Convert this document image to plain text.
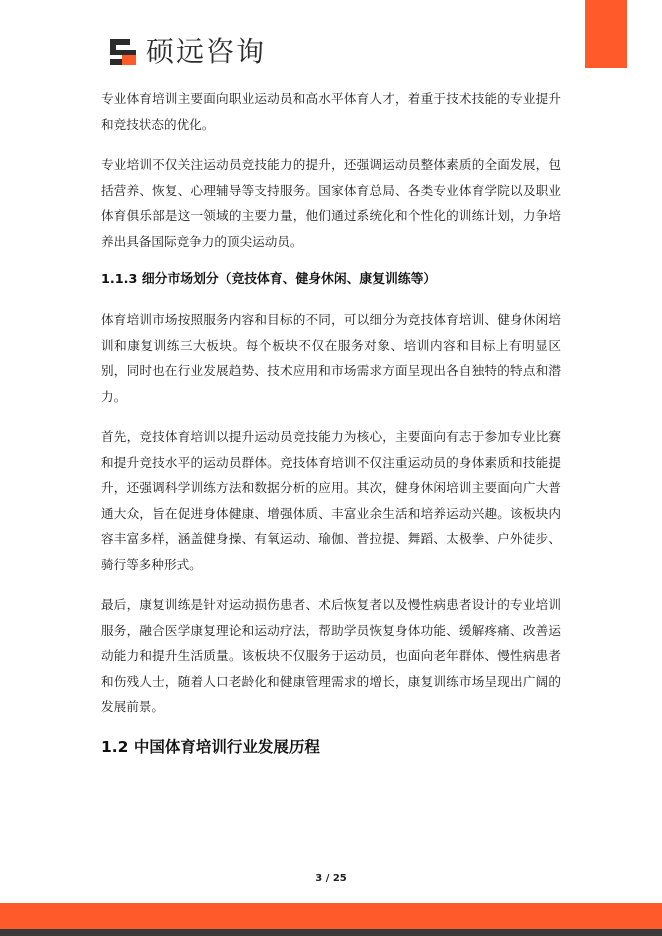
硕远咨询

专业体育培训主要面向职业运动员和高水平体育人才，着重于技术技能的专业提升和竞技状态的优化。

专业培训不仅关注运动员竞技能力的提升，还强调运动员整体素质的全面发展，包括营养、恢复、心理辅导等支持服务。国家体育总局、各类专业体育学院以及职业体育俱乐部是这一领域的主要力量，他们通过系统化和个性化的训练计划，力争培养出具备国际竞争力的顶尖运动员。

1.1.3 细分市场划分（竞技体育、健身休闲、康复训练等）

体育培训市场按照服务内容和目标的不同，可以细分为竞技体育培训、健身休闲培训和康复训练三大板块。每个板块不仅在服务对象、培训内容和目标上有明显区别，同时也在行业发展趋势、技术应用和市场需求方面呈现出各自独特的特点和潜力。

首先，竞技体育培训以提升运动员竞技能力为核心，主要面向有志于参加专业比赛和提升竞技水平的运动员群体。竞技体育培训不仅注重运动员的身体素质和技能提升，还强调科学训练方法和数据分析的应用。其次，健身休闲培训主要面向广大普通大众，旨在促进身体健康、增强体质、丰富业余生活和培养运动兴趣。该板块内容丰富多样，涵盖健身操、有氧运动、瑜伽、普拉提、舞蹈、太极拳、户外徒步、骑行等多种形式。

最后，康复训练是针对运动损伤患者、术后恢复者以及慢性病患者设计的专业培训服务，融合医学康复理论和运动疗法，帮助学员恢复身体功能、缓解疼痛、改善运动能力和提升生活质量。该板块不仅服务于运动员，也面向老年群体、慢性病患者和伤残人士，随着人口老龄化和健康管理需求的增长，康复训练市场呈现出广阔的发展前景。

1.2 中国体育培训行业发展历程
3 / 25
